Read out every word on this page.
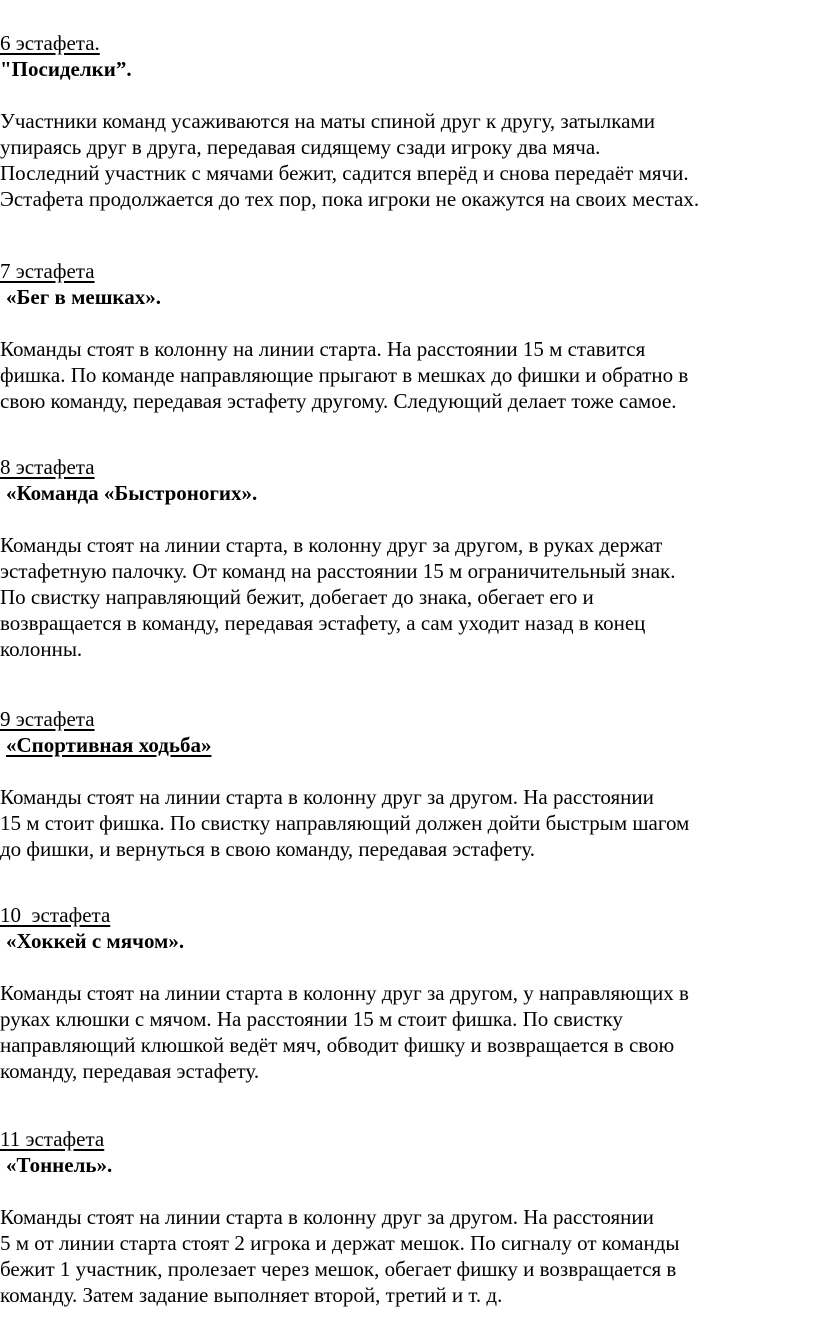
6 эстафета.
"Посиделки”.
Участники команд усаживаются на маты спиной друг к другу, затылками
упираясь друг в друга, передавая сидящему сзади игроку два мяча.
Последний участник с мячами бежит, садится вперёд и снова передаёт мячи.
Эстафета продолжается до тех пор, пока игроки не окажутся на своих местах.
7 эстафета
«Бег в мешках».
Команды стоят в колонну на линии старта. На расстоянии 15 м ставится
фишка. По команде направляющие прыгают в мешках до фишки и обратно в
свою команду, передавая эстафету другому. Следующий делает тоже самое.
8 эстафета
«Команда «Быстроногих».
Команды стоят на линии старта, в колонну друг за другом, в руках держат
эстафетную палочку. От команд на расстоянии 15 м ограничительный знак.
По свистку направляющий бежит, добегает до знака, обегает его и
возвращается в команду, передавая эстафету, а сам уходит назад в конец
колонны.
9 эстафета
«Спортивная ходьба»
Команды стоят на линии старта в колонну друг за другом. На расстоянии
15 м стоит фишка. По свистку направляющий должен дойти быстрым шагом
до фишки, и вернуться в свою команду, передавая эстафету.
10  эстафета
«Хоккей с мячом».
Команды стоят на линии старта в колонну друг за другом, у направляющих в
руках клюшки с мячом. На расстоянии 15 м стоит фишка. По свистку
направляющий клюшкой ведёт мяч, обводит фишку и возвращается в свою
команду, передавая эстафету.
11 эстафета
«Тоннель».
Команды стоят на линии старта в колонну друг за другом. На расстоянии
5 м от линии старта стоят 2 игрока и держат мешок. По сигналу от команды
бежит 1 участник, пролезает через мешок, обегает фишку и возвращается в
команду. Затем задание выполняет второй, третий и т. д.
